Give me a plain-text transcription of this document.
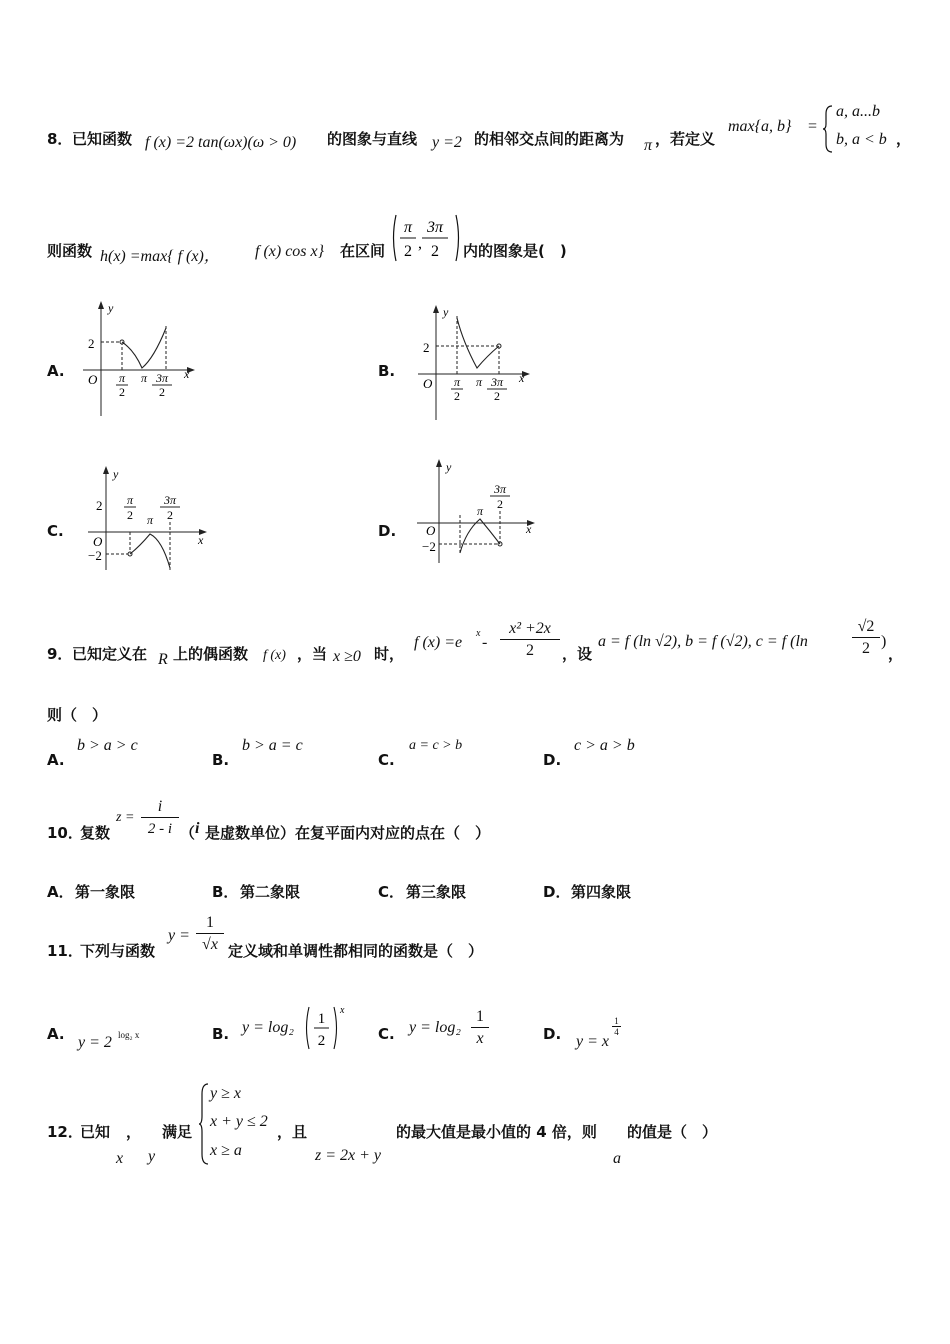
8． 已知函数 f (x) =2 tan(ωx)(ω > 0) 的图象与直线 y =2 的相邻交点间的距离为 π ，若定义
max{a, b} =
a, a...b
b, a < b ，
则函数 h(x) =max{ f (x)， f (x) cos x} 在区间
π
2 ,
3π
2 内的图象是(　)
A.
y
x
O
2
π
2
π 3π
2
B.
y
x
O
2
π
2
π 3π
2
C.
y
x
O
2
−2
π
2 π
3π
2
D.
y
x
O
−2
π
3π
2
9． 已知定义在 R 上的偶函数 f (x) ，当 x ≥0 时，
f (x) =e
x
- $\frac{\text{x² +2x}}{2}$ ，设
a = f (ln √2), b = f (√2), c = f (ln	$\frac{√2}{2}$ )
，
则（　）
A.
b > a > c
B.
b > a = c
C.
a = c > b
D.
c > a > b
10．
复数
$z = \frac{i}{2 - i}$ （ i 是虚数单位）在复平面内对应的点在（　）
A． 第一象限	B． 第二象限	C． 第三象限	D． 第四象限
11．
下列与函数
$y = \frac{1}{√x}$ 定义域和单调性都相同的函数是（　）
A. y = 2 log₂ x	B. y = log₂ 1
2
x
C. y = log₂
1
x	D. y = x
1
4
12．
已知
x
，
y
满足
y ≥ x
x + y ≤ 2
x ≥ a
，且
z = 2x + y
的最大值是最小值的 4 倍，则
a
的值是（　）
